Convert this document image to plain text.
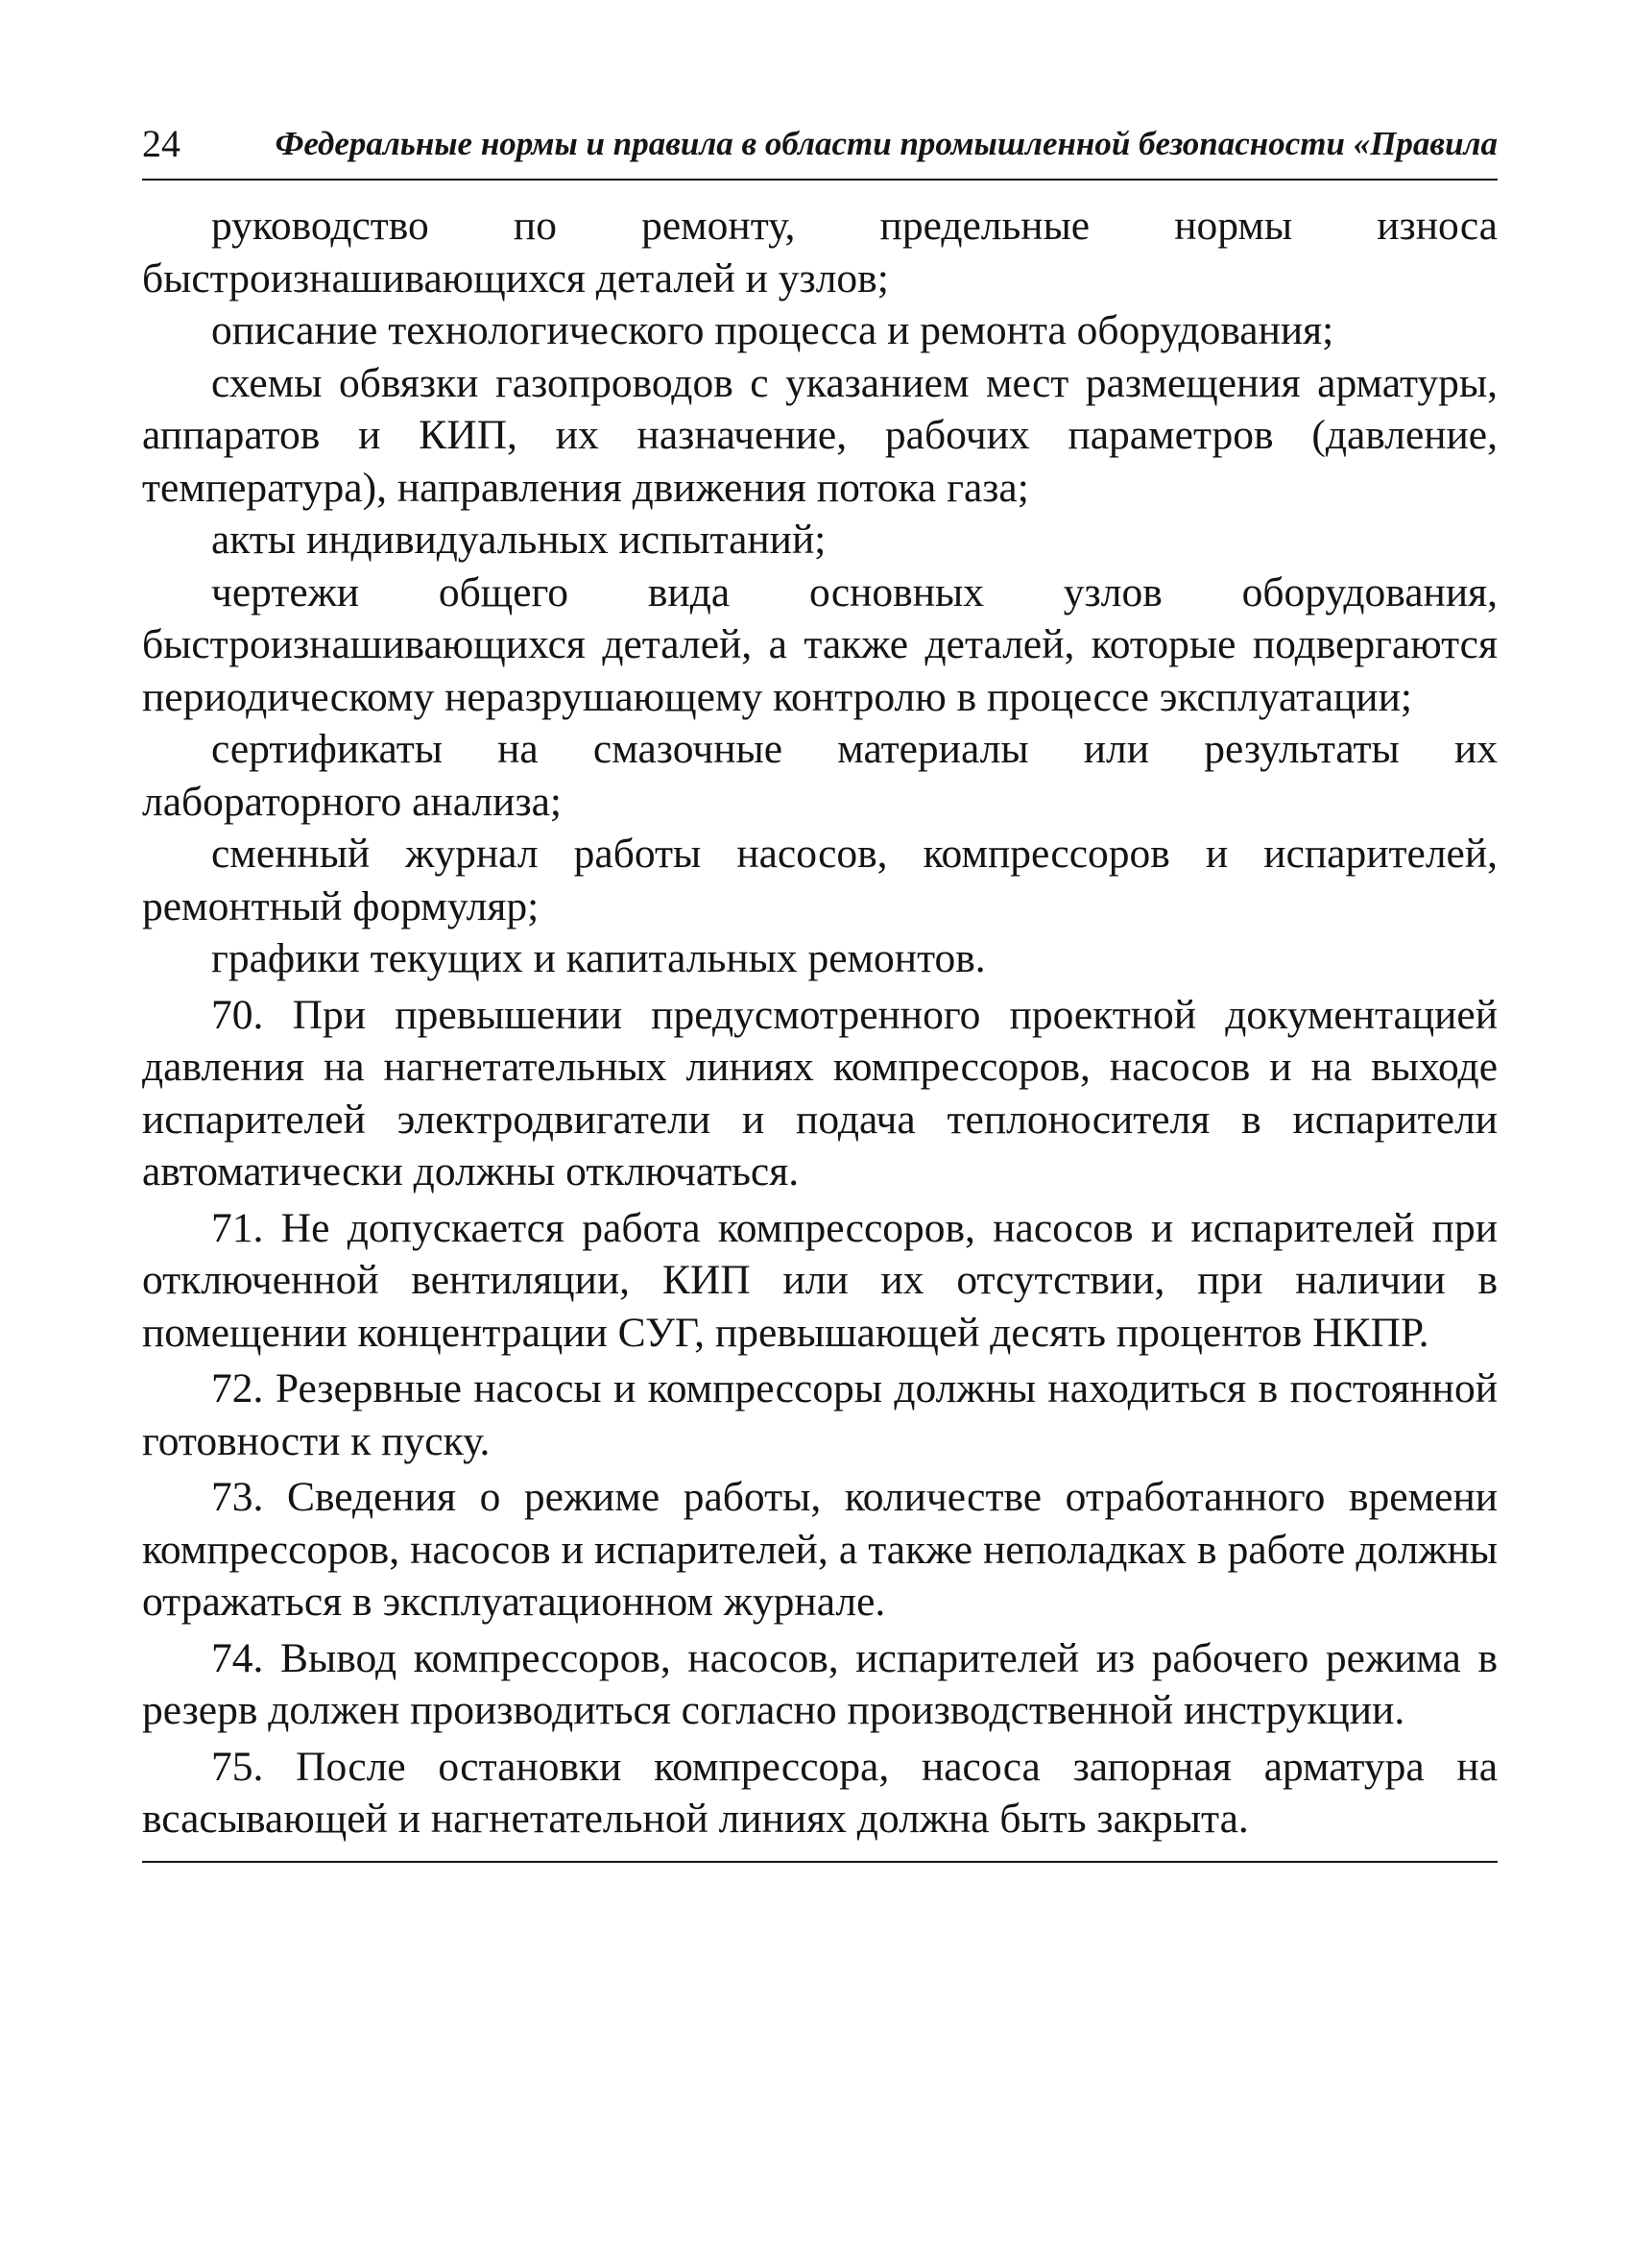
24	Федеральные нормы и правила в области промышленной безопасности «Правила

руководство по ремонту, предельные нормы износа быстроизнашивающихся деталей и узлов;

описание технологического процесса и ремонта оборудования;

схемы обвязки газопроводов с указанием мест размещения арматуры, аппаратов и КИП, их назначение, рабочих параметров (давление, температура), направления движения потока газа;

акты индивидуальных испытаний;

чертежи общего вида основных узлов оборудования, быстроизнашивающихся деталей, а также деталей, которые подвергаются периодическому неразрушающему контролю в процессе эксплуатации;

сертификаты на смазочные материалы или результаты их лабораторного анализа;

сменный журнал работы насосов, компрессоров и испарителей, ремонтный формуляр;

графики текущих и капитальных ремонтов.

70. При превышении предусмотренного проектной документацией давления на нагнетательных линиях компрессоров, насосов и на выходе испарителей электродвигатели и подача теплоносителя в испарители автоматически должны отключаться.

71. Не допускается работа компрессоров, насосов и испарителей при отключенной вентиляции, КИП или их отсутствии, при наличии в помещении концентрации СУГ, превышающей десять процентов НКПР.

72. Резервные насосы и компрессоры должны находиться в постоянной готовности к пуску.

73. Сведения о режиме работы, количестве отработанного времени компрессоров, насосов и испарителей, а также неполадках в работе должны отражаться в эксплуатационном журнале.

74. Вывод компрессоров, насосов, испарителей из рабочего режима в резерв должен производиться согласно производственной инструкции.

75. После остановки компрессора, насоса запорная арматура на всасывающей и нагнетательной линиях должна быть закрыта.
